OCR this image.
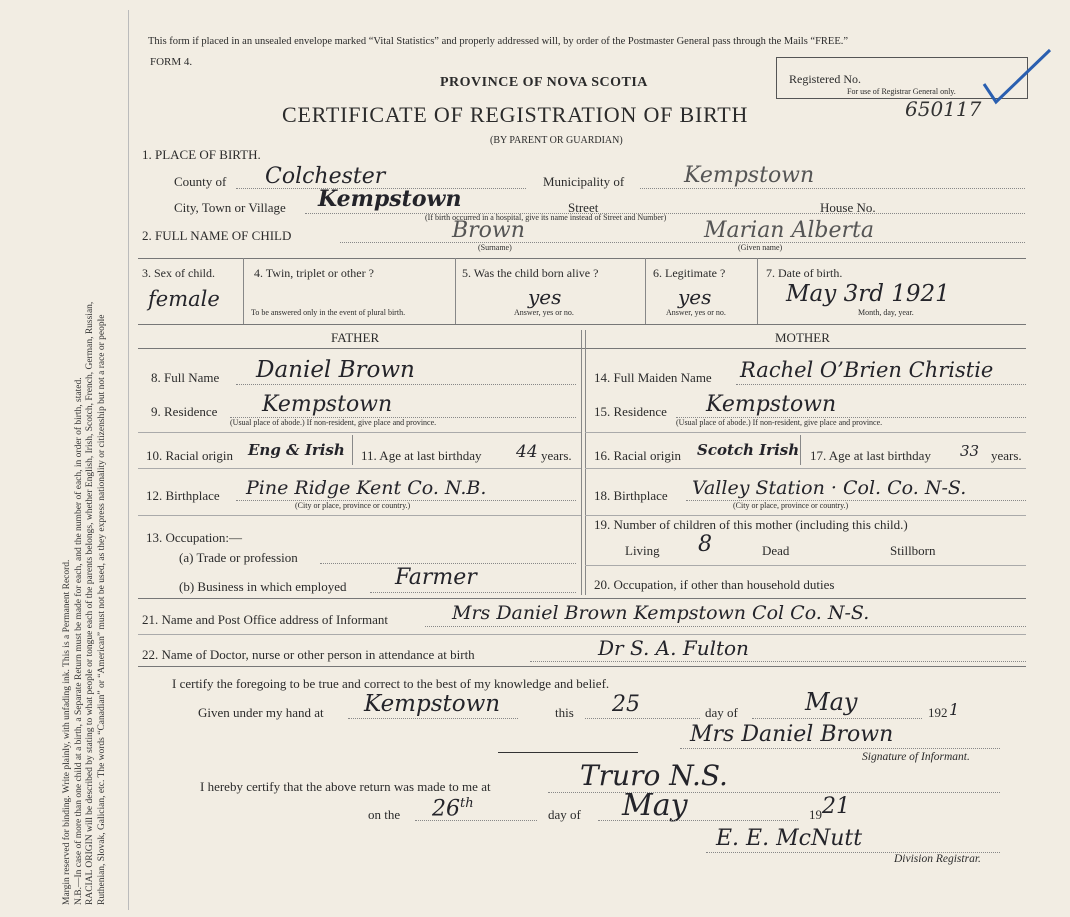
Margin reserved for binding. Write plainly, with unfading ink. This is a Permanent Record. N.B.—In case of more than one child at a birth, a Separate Return must be made for each, and the number of each, in order of birth, stated. RACIAL ORIGIN will be described by stating to what people or tongue each of the parents belongs, whether English, Irish, Scotch, French, German, Russian, Ruthenian, Slovak, Galician, etc. The words “Canadian” or “American” must not be used, as they express nationality or citizenship but not a race or people
This form if placed in an unsealed envelope marked “Vital Statistics” and properly addressed will, by order of the Postmaster General pass through the Mails “FREE.”
FORM 4.
PROVINCE OF NOVA SCOTIA
CERTIFICATE OF REGISTRATION OF BIRTH
(BY PARENT OR GUARDIAN)
Registered No.
For use of Registrar General only.
650117
1. PLACE OF BIRTH.
County of Colchester	Municipality of	Kempstown
City, Town or Village Kempstown	Street	House No.
(If birth occurred in a hospital, give its name instead of Street and Number)
2. FULL NAME OF CHILD	Brown	Marian Alberta
(Surname)	(Given name)
3. Sex of child.
female
4. Twin, triplet or other ?
To be answered only in the event of plural birth.
5. Was the child born alive ?
yes
Answer, yes or no.
6. Legitimate ?
yes
Answer, yes or no.
7. Date of birth.
May 3rd 1921
Month, day, year.
FATHER	MOTHER
8. Full Name Daniel Brown
9. Residence Kempstown
(Usual place of abode.) If non-resident, give place and province.
10. Racial origin Eng & Irish 11. Age at last birthday 44 years.
12. Birthplace Pine Ridge Kent Co. N.B.
(City or place, province or country.)
13. Occupation:—
(a) Trade or profession
(b) Business in which employed Farmer
14. Full Maiden Name Rachel O’Brien Christie
15. Residence Kempstown
(Usual place of abode.) If non-resident, give place and province.
16. Racial origin Scotch Irish 17. Age at last birthday 33 years.
18. Birthplace Valley Station · Col. Co. N-S.
(City or place, province or country.)
19. Number of children of this mother (including this child.)
Living 8	Dead	Stillborn
20. Occupation, if other than household duties
21. Name and Post Office address of Informant	Mrs Daniel Brown Kempstown Col Co. N-S.
22. Name of Doctor, nurse or other person in attendance at birth	Dr S. A. Fulton
I certify the foregoing to be true and correct to the best of my knowledge and belief.
Given under my hand at Kempstown	this 25	day of	May	192 1
Mrs Daniel Brown
Signature of Informant.
I hereby certify that the above return was made to me at	Truro N.S.
on the 26th
day of May	19 21
E. E. McNutt
Division Registrar.
